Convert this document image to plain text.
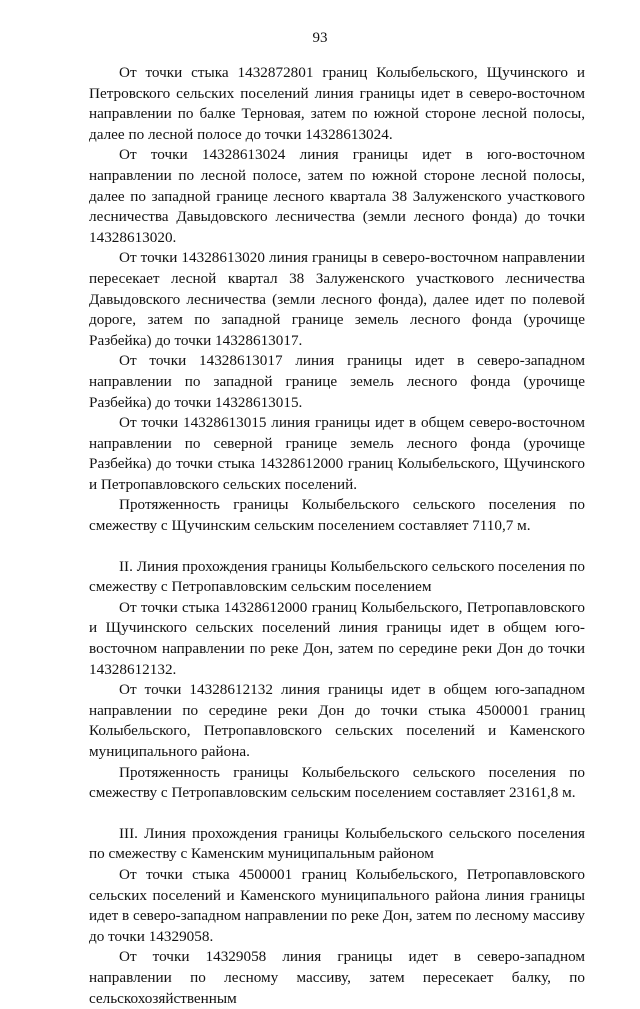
93

От точки стыка 1432872801 границ Колыбельского, Щучинского и Петровского сельских поселений линия границы идет в северо-восточном направлении по балке Терновая, затем по южной стороне лесной полосы, далее по лесной полосе до точки 14328613024.

От точки 14328613024 линия границы идет в юго-восточном направлении по лесной полосе, затем по южной стороне лесной полосы, далее по западной границе лесного квартала 38 Залуженского участкового лесничества Давыдовского лесничества (земли лесного фонда) до точки 14328613020.

От точки 14328613020 линия границы в северо-восточном направлении пересекает лесной квартал 38 Залуженского участкового лесничества Давыдовского лесничества (земли лесного фонда), далее идет по полевой дороге, затем по западной границе земель лесного фонда (урочище Разбейка) до точки 14328613017.

От точки 14328613017 линия границы идет в северо-западном направлении по западной границе земель лесного фонда (урочище Разбейка) до точки 14328613015.

От точки 14328613015 линия границы идет в общем северо-восточном направлении по северной границе земель лесного фонда (урочище Разбейка) до точки стыка 14328612000 границ Колыбельского, Щучинского и Петропавловского сельских поселений.

Протяженность границы Колыбельского сельского поселения по смежеству с Щучинским сельским поселением составляет 7110,7 м.

II. Линия прохождения границы Колыбельского сельского поселения по смежеству с Петропавловским сельским поселением

От точки стыка 14328612000 границ Колыбельского, Петропавловского и Щучинского сельских поселений линия границы идет в общем юго-восточном направлении по реке Дон, затем по середине реки Дон до точки 14328612132.

От точки 14328612132 линия границы идет в общем юго-западном направлении по середине реки Дон до точки стыка 4500001 границ Колыбельского, Петропавловского сельских поселений и Каменского муниципального района.

Протяженность границы Колыбельского сельского поселения по смежеству с Петропавловским сельским поселением составляет 23161,8 м.

III. Линия прохождения границы Колыбельского сельского поселения по смежеству с Каменским муниципальным районом

От точки стыка 4500001 границ Колыбельского, Петропавловского сельских поселений и Каменского муниципального района линия границы идет в северо-западном направлении по реке Дон, затем по лесному массиву до точки 14329058.

От точки 14329058 линия границы идет в северо-западном направлении по лесному массиву, затем пересекает балку, по сельскохозяйственным
